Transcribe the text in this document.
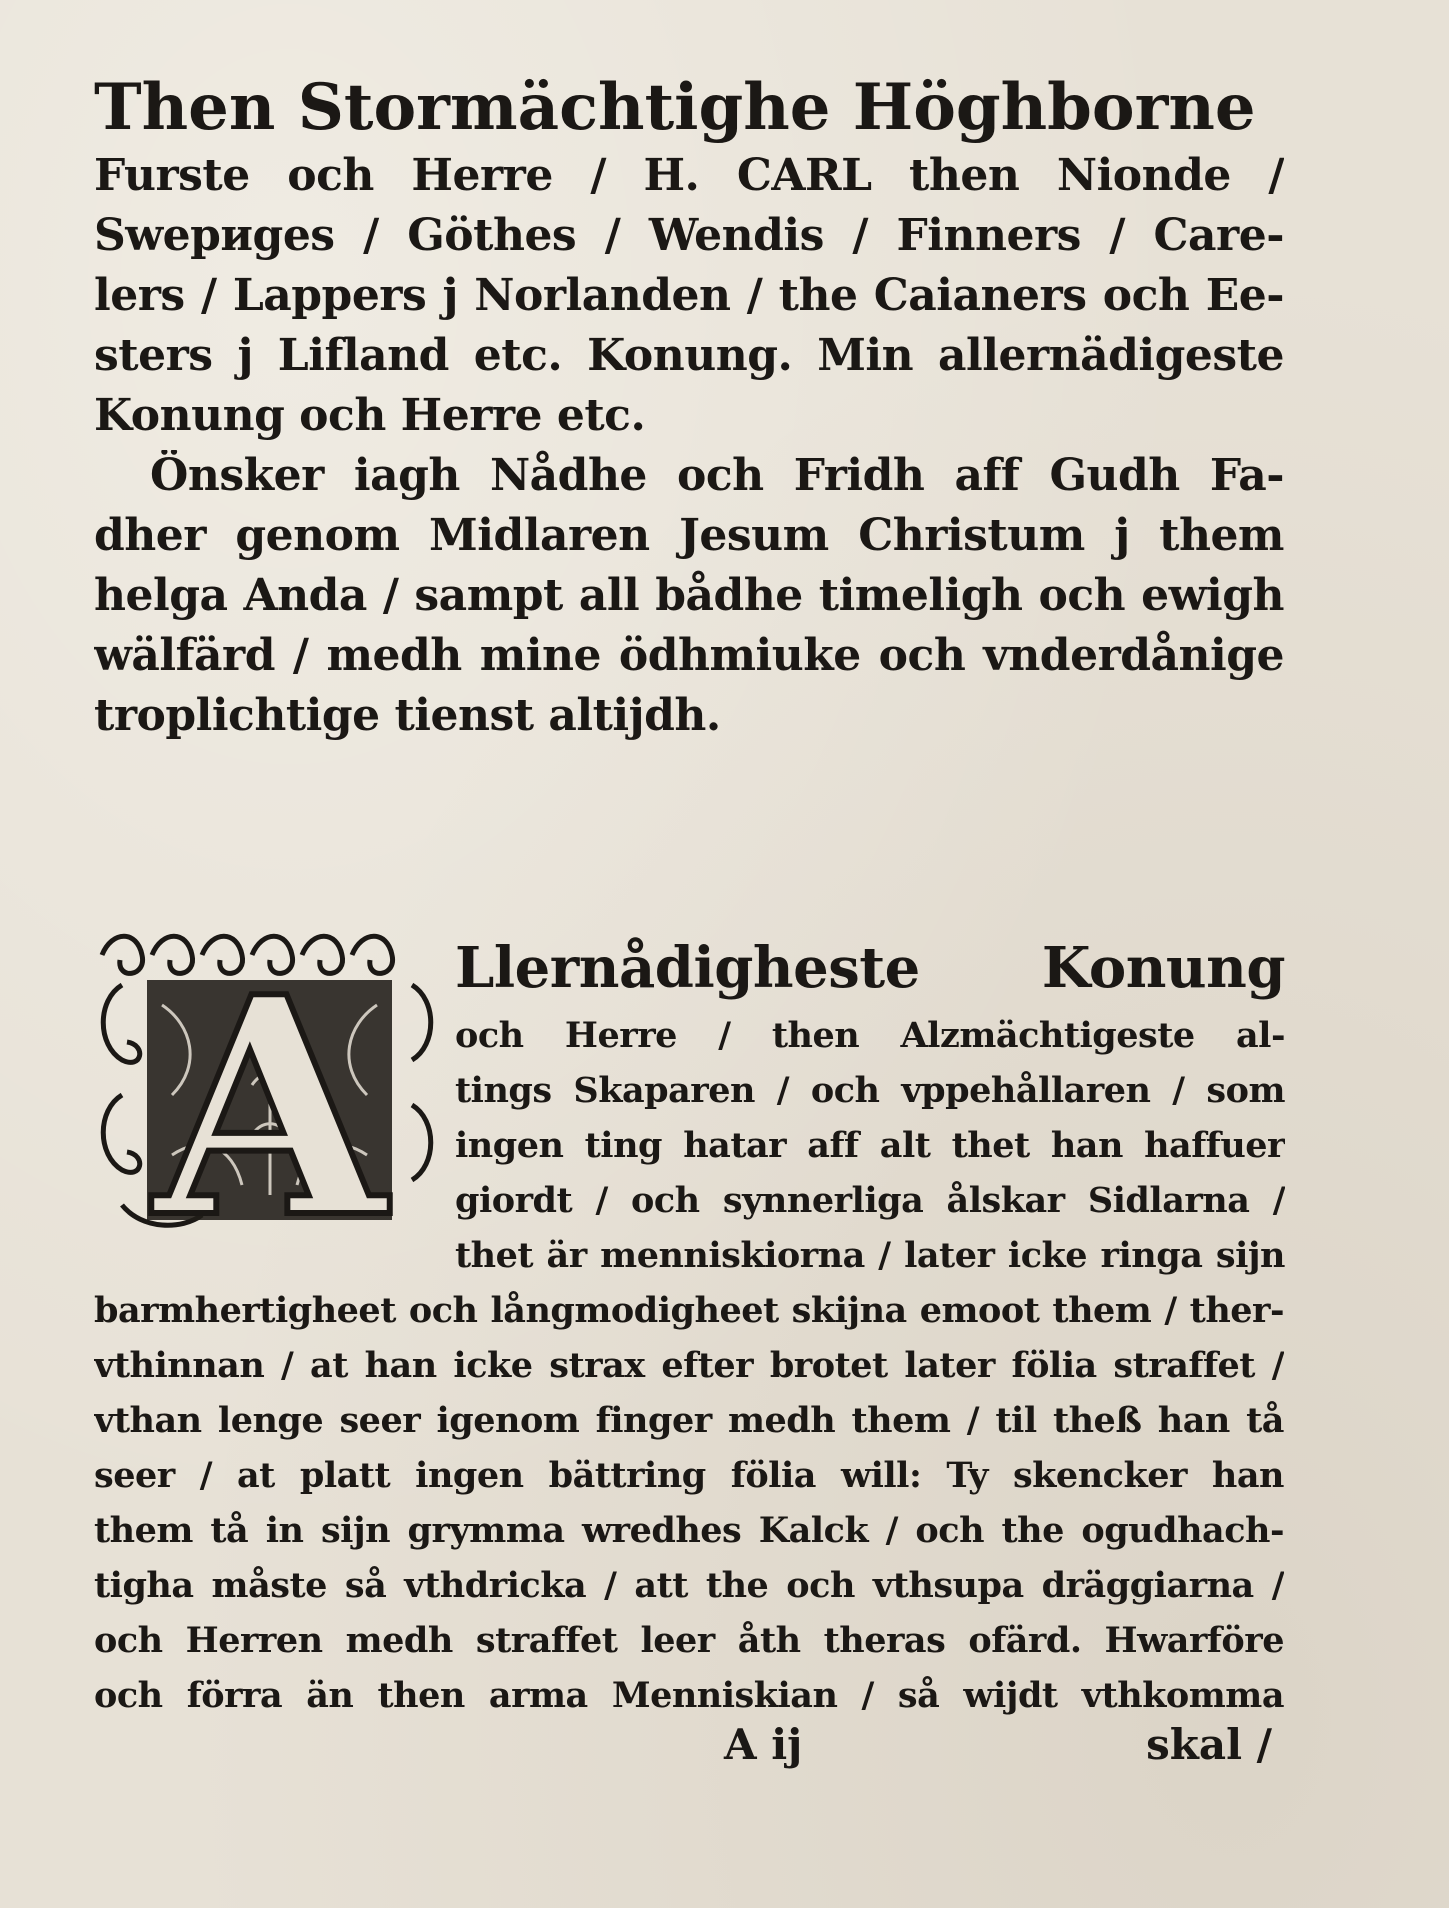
Then Stormächtighe Höghborne
Furste och Herre / H. CARL then Nionde /
Swериges / Göthes / Wendis / Finners / Care-
lers / Lappers j Norlanden / the Caianers och Ee-
sters j Lifland etc. Konung. Min allernädigeste
Konung och Herre etc.
Önsker iagh Nådhe och Fridh aff Gudh Fa-
dher genom Midlaren Jesum Christum j them
helga Anda / sampt all bådhe timeligh och ewigh
wälfärd / medh mine ödhmiuke och vnderdånige
troplichtige tienst altijdh.
A Llernådigheste Konung
och Herre / then Alzmächtigeste al-
tings Skaparen / och vppehållaren / som
ingen ting hatar aff alt thet han haffuer
giordt / och synnerliga ålskar Sidlarna /
thet är menniskiorna / later icke ringa sijn
barmhertigheet och långmodigheet skijna emoot them / ther-
vthinnan / at han icke strax efter brotet later fölia straffet /
vthan lenge seer igenom finger medh them / til theß han tå
seer / at platt ingen bättring fölia will: Ty skencker han
them tå in sijn grymma wredhes Kalck / och the ogudhach-
tigha måste så vthdricka / att the och vthsupa dräggiarna /
och Herren medh straffet leer åth theras ofärd. Hwarföre
och förra än then arma Menniskian / så wijdt vthkomma
A ij	skal /
